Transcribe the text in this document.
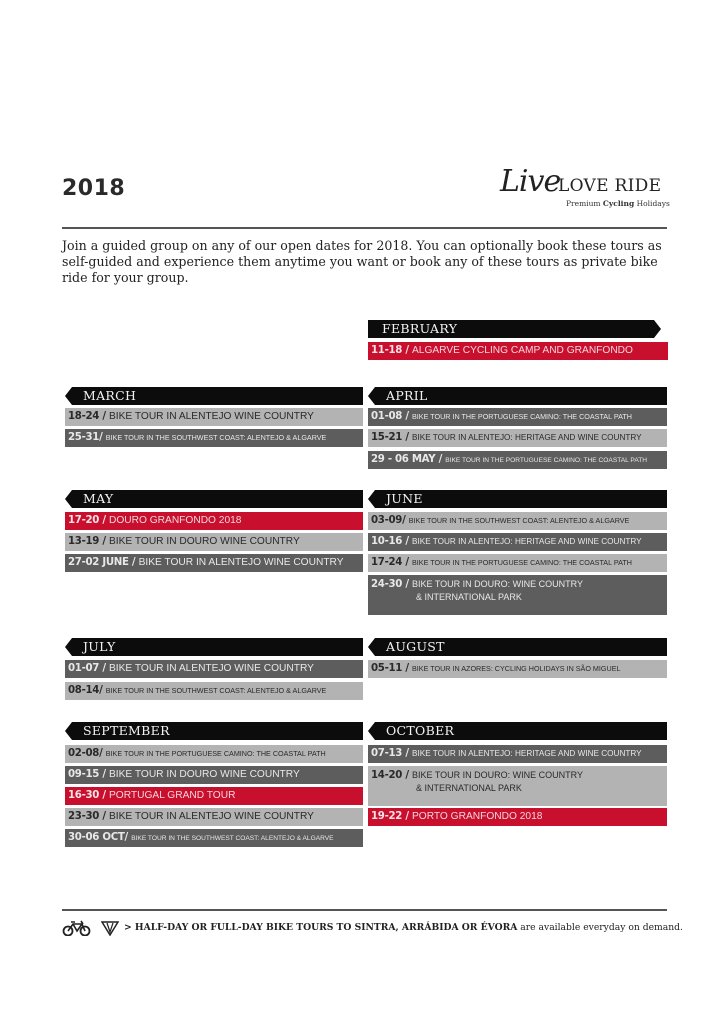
2018	Live
LOVE RIDE
Premium Cycling Holidays
Join a guided group on any of our open dates for 2018. You can optionally book these tours as self-guided and experience them anytime you want or book any of these tours as private bike ride for your group.
FEBRUARY
11-18 / ALGARVE CYCLING CAMP AND GRANFONDO
MARCH
18-24 / BIKE TOUR IN ALENTEJO WINE COUNTRY
25-31/ BIKE TOUR IN THE SOUTHWEST COAST: ALENTEJO & ALGARVE
APRIL
01-08 / BIKE TOUR IN THE PORTUGUESE CAMINO: THE COASTAL PATH
15-21 / BIKE TOUR IN ALENTEJO: HERITAGE AND WINE COUNTRY
29 - 06 MAY / BIKE TOUR IN THE PORTUGUESE CAMINO: THE COASTAL PATH
MAY
17-20 / DOURO GRANFONDO 2018
13-19 / BIKE TOUR IN DOURO WINE COUNTRY
27-02 JUNE / BIKE TOUR IN ALENTEJO WINE COUNTRY
JUNE
03-09/ BIKE TOUR IN THE SOUTHWEST COAST: ALENTEJO & ALGARVE
10-16 / BIKE TOUR IN ALENTEJO: HERITAGE AND WINE COUNTRY
17-24 / BIKE TOUR IN THE PORTUGUESE CAMINO: THE COASTAL PATH
24-30 / BIKE TOUR IN DOURO: WINE COUNTRY
& INTERNATIONAL PARK
JULY
01-07 / BIKE TOUR IN ALENTEJO WINE COUNTRY
08-14/ BIKE TOUR IN THE SOUTHWEST COAST: ALENTEJO & ALGARVE
AUGUST
05-11 / BIKE TOUR IN AZORES: CYCLING HOLIDAYS IN SÃO MIGUEL
SEPTEMBER
02-08/ BIKE TOUR IN THE PORTUGUESE CAMINO: THE COASTAL PATH
09-15 / BIKE TOUR IN DOURO WINE COUNTRY
16-30 / PORTUGAL GRAND TOUR
23-30 / BIKE TOUR IN ALENTEJO WINE COUNTRY
30-06 OCT/ BIKE TOUR IN THE SOUTHWEST COAST: ALENTEJO & ALGARVE
OCTOBER
07-13 / BIKE TOUR IN ALENTEJO: HERITAGE AND WINE COUNTRY
14-20 / BIKE TOUR IN DOURO: WINE COUNTRY
& INTERNATIONAL PARK
19-22 / PORTO GRANFONDO 2018

> HALF-DAY OR FULL-DAY BIKE TOURS TO SINTRA, ARRÁBIDA OR ÉVORA are available everyday on demand.
